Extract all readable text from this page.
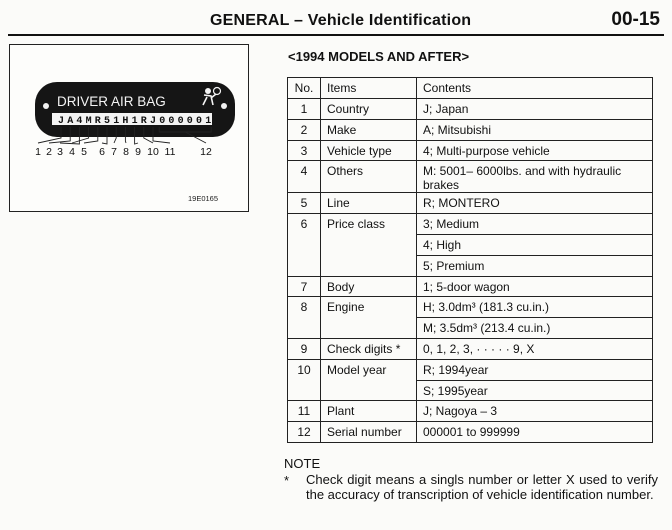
GENERAL – Vehicle Identification	00-15
DRIVER AIR BAG
J A 4 M R 5 1 H 1 R J 0 0 0 0 0 1
1 2 3 4 5 6 7 8 9 10 11 12
19E0165
<1994 MODELS AND AFTER>
No.	Items	Contents
1	Country	J; Japan
2	Make	A; Mitsubishi
3	Vehicle type	4; Multi-purpose vehicle
4	Others	M: 5001– 6000lbs. and with hydraulic brakes
5	Line	R; MONTERO
6	Price class	3; Medium
		4; High
		5; Premium
7	Body	1; 5-door wagon
8	Engine	H; 3.0dm³ (181.3 cu.in.)
		M; 3.5dm³ (213.4 cu.in.)
9	Check digits *	0, 1, 2, 3, · · · · · 9, X
10	Model year	R; 1994year
		S; 1995year
11	Plant	J; Nagoya – 3
12	Serial number	000001 to 999999
NOTE
* Check digit means a singls number or letter X used to verify the accuracy of transcription of vehicle identification number.
